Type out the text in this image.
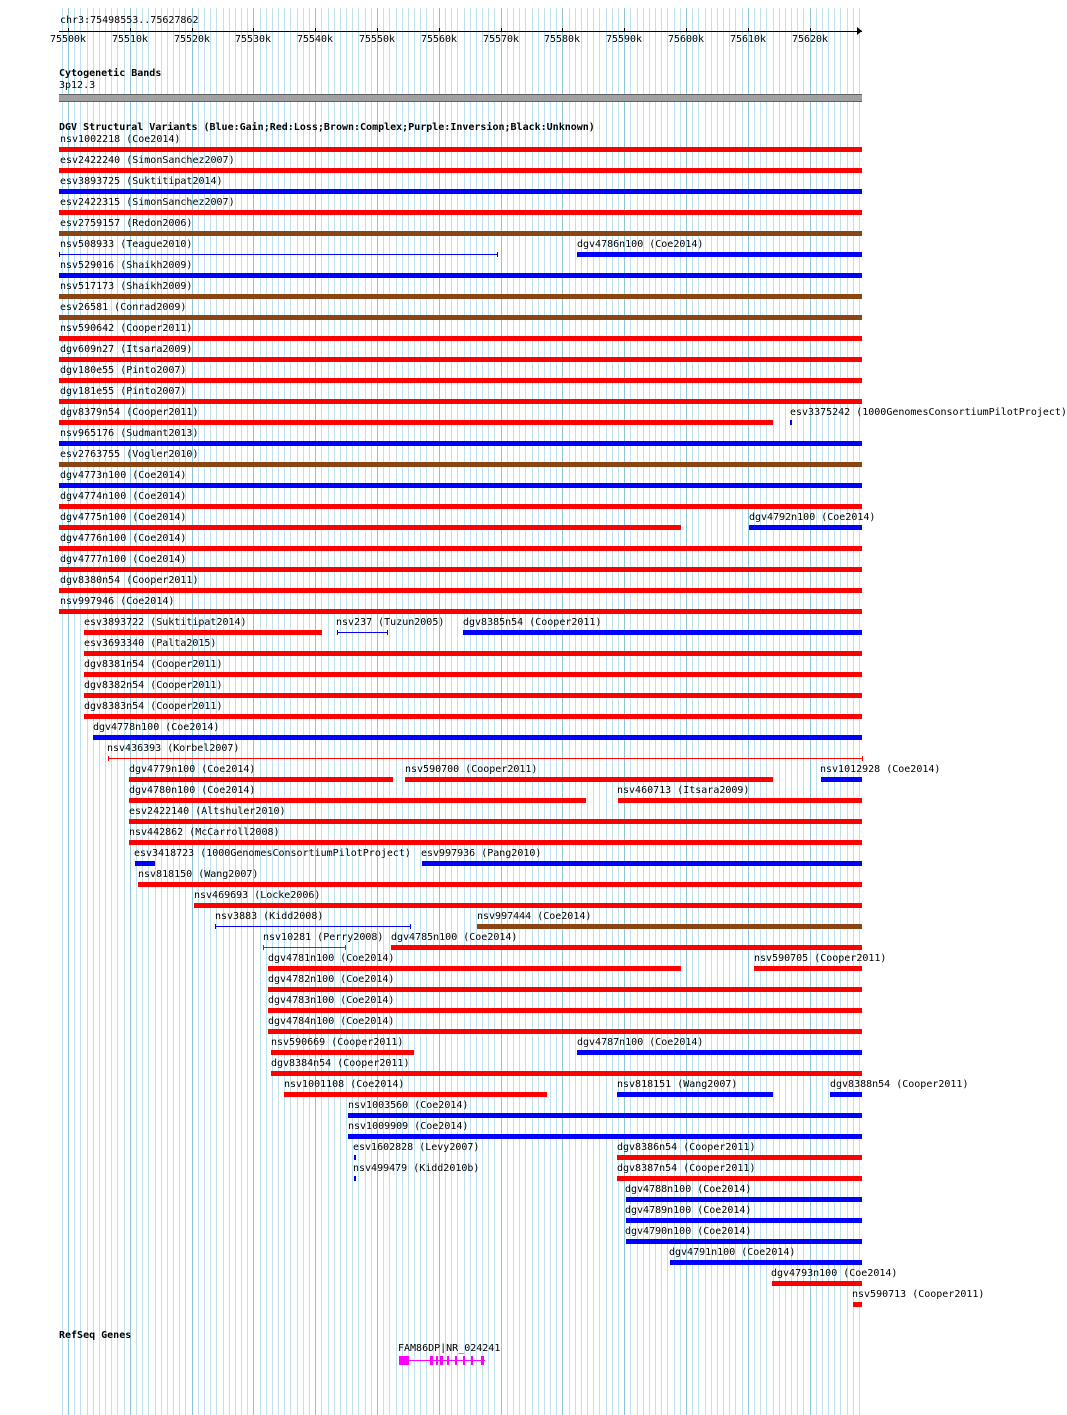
chr3:75498553..75627862
75500k	75510k	75520k 75530k	75540k	75550k	75560k	75570k 75580k	75590k	75600k	75610k	75620k
Cytogenetic Bands
3p12.3
DGV Structural Variants (Blue:Gain;Red:Loss;Brown:Complex;Purple:Inversion;Black:Unknown)
nsv1002218 (Coe2014)
esv2422240 (SimonSanchez2007)
esv3893725 (Suktitipat2014)
esv2422315 (SimonSanchez2007)
esv2759157 (Redon2006)
nsv508933 (Teague2010)	dgv4786n100 (Coe2014)
nsv529016 (Shaikh2009)
nsv517173 (Shaikh2009)
esv26581 (Conrad2009)
nsv590642 (Cooper2011)
dgv609n27 (Itsara2009)
dgv180e55 (Pinto2007)
dgv181e55 (Pinto2007)
dgv8379n54 (Cooper2011)	esv3375242 (1000GenomesConsortiumPilotProject)
nsv965176 (Sudmant2013)
esv2763755 (Vogler2010)
dgv4773n100 (Coe2014)
dgv4774n100 (Coe2014)
dgv4775n100 (Coe2014)	dgv4792n100 (Coe2014)
dgv4776n100 (Coe2014)
dgv4777n100 (Coe2014)
dgv8380n54 (Cooper2011)
nsv997946 (Coe2014)
esv3893722 (Suktitipat2014)	nsv237 (Tuzun2005) dgv8385n54 (Cooper2011)
esv3693340 (Palta2015)
dgv8381n54 (Cooper2011)
dgv8382n54 (Cooper2011)
dgv8383n54 (Cooper2011)
dgv4778n100 (Coe2014)
nsv436393 (Korbel2007)
dgv4779n100 (Coe2014)	nsv590700 (Cooper2011)	nsv1012928 (Coe2014)
dgv4780n100 (Coe2014)	nsv460713 (Itsara2009)
esv2422140 (Altshuler2010)
nsv442862 (McCarroll2008)
esv3418723 (1000GenomesConsortiumPilotProject) esv997936 (Pang2010)
nsv818150 (Wang2007)
nsv469693 (Locke2006)
nsv3883 (Kidd2008)	nsv997444 (Coe2014)
nsv10281 (Perry2008) dgv4785n100 (Coe2014)
dgv4781n100 (Coe2014)	nsv590705 (Cooper2011)
dgv4782n100 (Coe2014)
dgv4783n100 (Coe2014)
dgv4784n100 (Coe2014)
nsv590669 (Cooper2011)	dgv4787n100 (Coe2014)
dgv8384n54 (Cooper2011)
nsv1001108 (Coe2014)	nsv818151 (Wang2007)	dgv8388n54 (Cooper2011)
nsv1003560 (Coe2014)
nsv1009909 (Coe2014)
esv1602828 (Levy2007)	dgv8386n54 (Cooper2011)
nsv499479 (Kidd2010b)	dgv8387n54 (Cooper2011)
dgv4788n100 (Coe2014)
dgv4789n100 (Coe2014)
dgv4790n100 (Coe2014)
dgv4791n100 (Coe2014)
dgv4793n100 (Coe2014)
nsv590713 (Cooper2011)
RefSeq Genes
FAM86DP|NR_024241
